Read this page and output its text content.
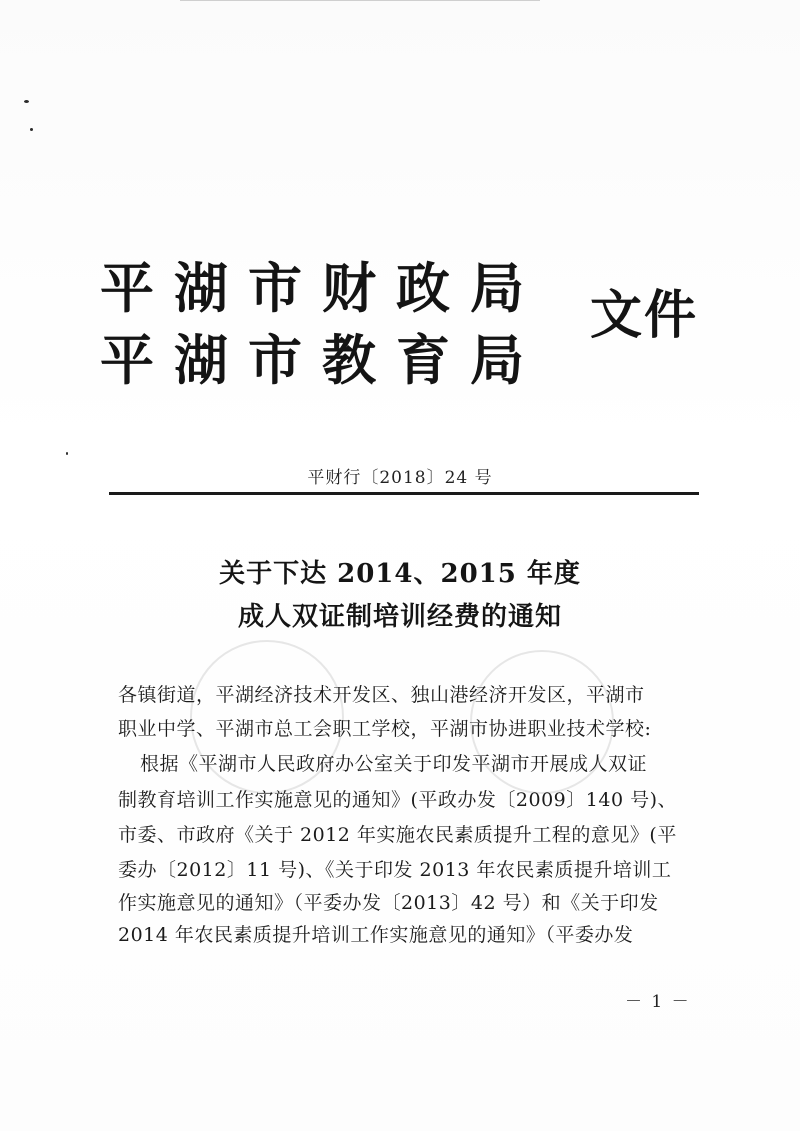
平湖市财政局
平湖市教育局
文件
平财行〔2018〕24 号
关于下达 2014、2015 年度
成人双证制培训经费的通知
各镇街道，平湖经济技术开发区、独山港经济开发区，平湖市
职业中学、平湖市总工会职工学校，平湖市协进职业技术学校:
根据《平湖市人民政府办公室关于印发平湖市开展成人双证
制教育培训工作实施意见的通知》(平政办发〔2009〕140 号)、
市委、市政府《关于 2012 年实施农民素质提升工程的意见》(平
委办〔2012〕11 号)、《关于印发 2013 年农民素质提升培训工
作实施意见的通知》（平委办发〔2013〕42 号）和《关于印发
2014 年农民素质提升培训工作实施意见的通知》（平委办发
－ 1 －
